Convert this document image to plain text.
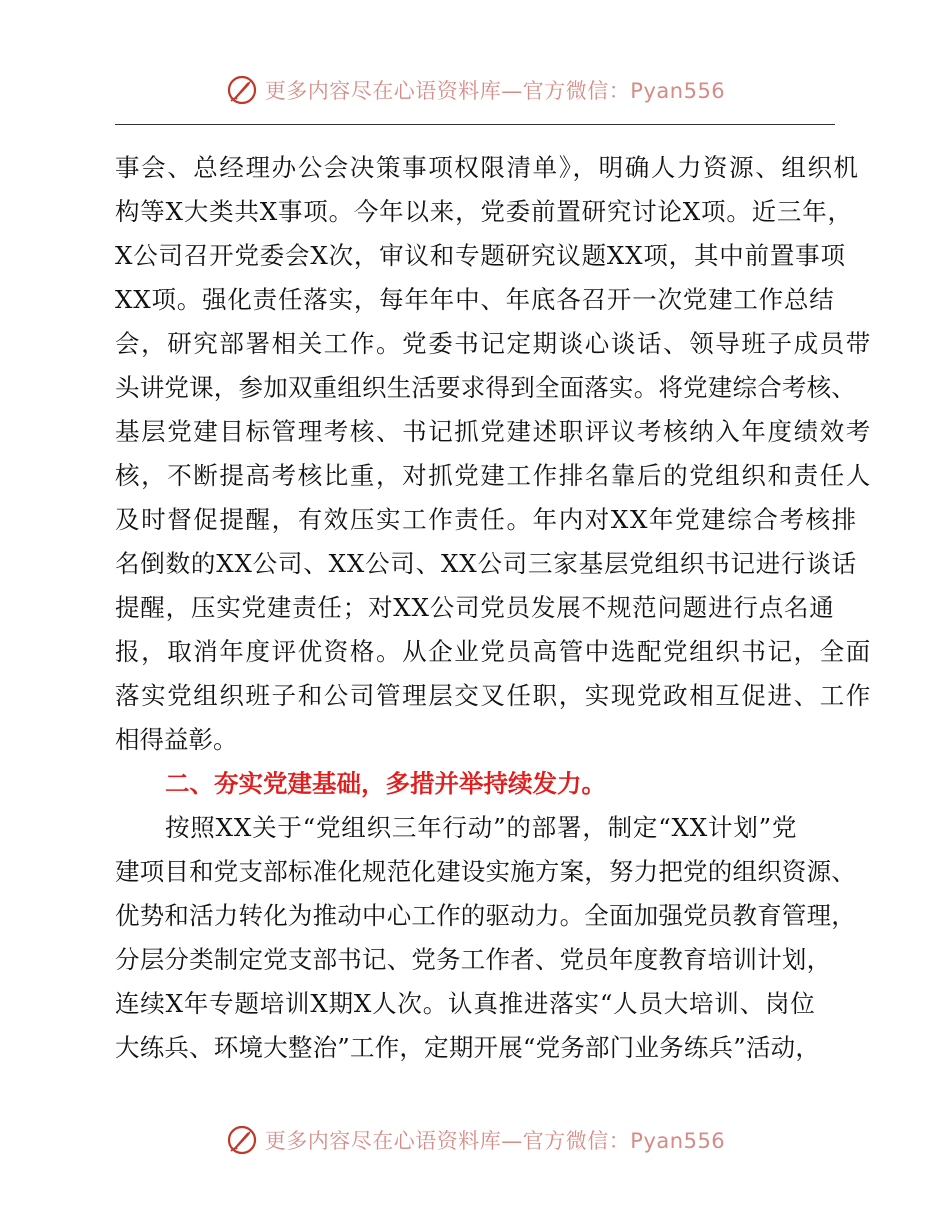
更多内容尽在心语资料库—官方微信：Pyan556
事会、总经理办公会决策事项权限清单》，明确人力资源、组织机
构等X大类共X事项。今年以来，党委前置研究讨论X项。近三年，
X公司召开党委会X次，审议和专题研究议题XX项，其中前置事项
XX项。强化责任落实，每年年中、年底各召开一次党建工作总结
会，研究部署相关工作。党委书记定期谈心谈话、领导班子成员带
头讲党课，参加双重组织生活要求得到全面落实。将党建综合考核、
基层党建目标管理考核、书记抓党建述职评议考核纳入年度绩效考
核，不断提高考核比重，对抓党建工作排名靠后的党组织和责任人
及时督促提醒，有效压实工作责任。年内对XX年党建综合考核排
名倒数的XX公司、XX公司、XX公司三家基层党组织书记进行谈话
提醒，压实党建责任；对XX公司党员发展不规范问题进行点名通
报，取消年度评优资格。从企业党员高管中选配党组织书记，全面
落实党组织班子和公司管理层交叉任职，实现党政相互促进、工作
相得益彰。
二、夯实党建基础，多措并举持续发力。
按照XX关于“党组织三年行动”的部署，制定“XX计划”党
建项目和党支部标准化规范化建设实施方案，努力把党的组织资源、
优势和活力转化为推动中心工作的驱动力。全面加强党员教育管理，
分层分类制定党支部书记、党务工作者、党员年度教育培训计划，
连续X年专题培训X期X人次。认真推进落实“人员大培训、岗位
大练兵、环境大整治”工作，定期开展“党务部门业务练兵”活动，
更多内容尽在心语资料库—官方微信：Pyan556
